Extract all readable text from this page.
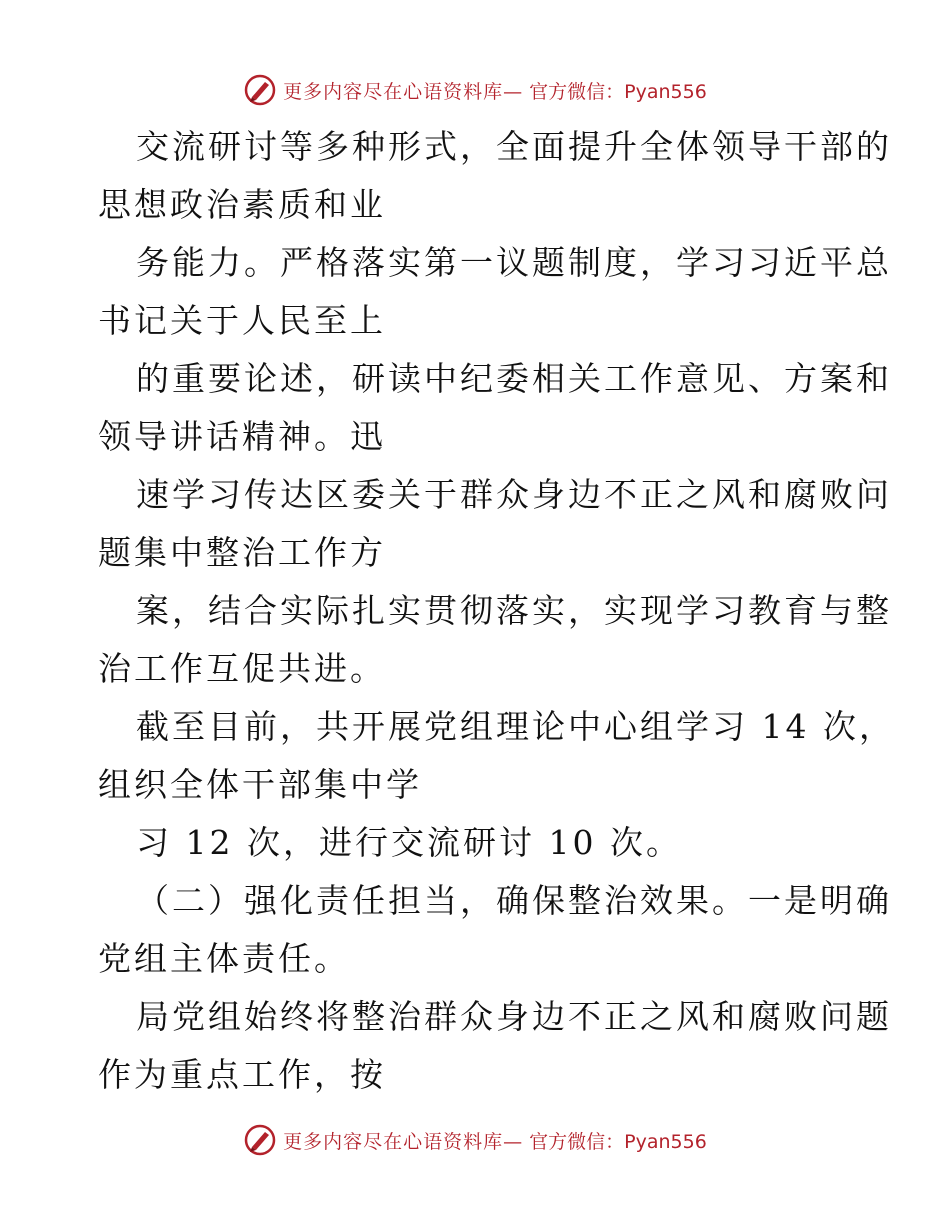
更多内容尽在心语资料库— 官方微信：Pyan556
交流研讨等多种形式，全面提升全体领导干部的
思想政治素质和业
务能力。严格落实第一议题制度，学习习近平总
书记关于人民至上
的重要论述，研读中纪委相关工作意见、方案和
领导讲话精神。迅
速学习传达区委关于群众身边不正之风和腐败问
题集中整治工作方
案，结合实际扎实贯彻落实，实现学习教育与整
治工作互促共进。
截至目前，共开展党组理论中心组学习 14 次，
组织全体干部集中学
习 12 次，进行交流研讨 10 次。
（二）强化责任担当，确保整治效果。一是明确
党组主体责任。
局党组始终将整治群众身边不正之风和腐败问题
作为重点工作，按
更多内容尽在心语资料库— 官方微信：Pyan556
